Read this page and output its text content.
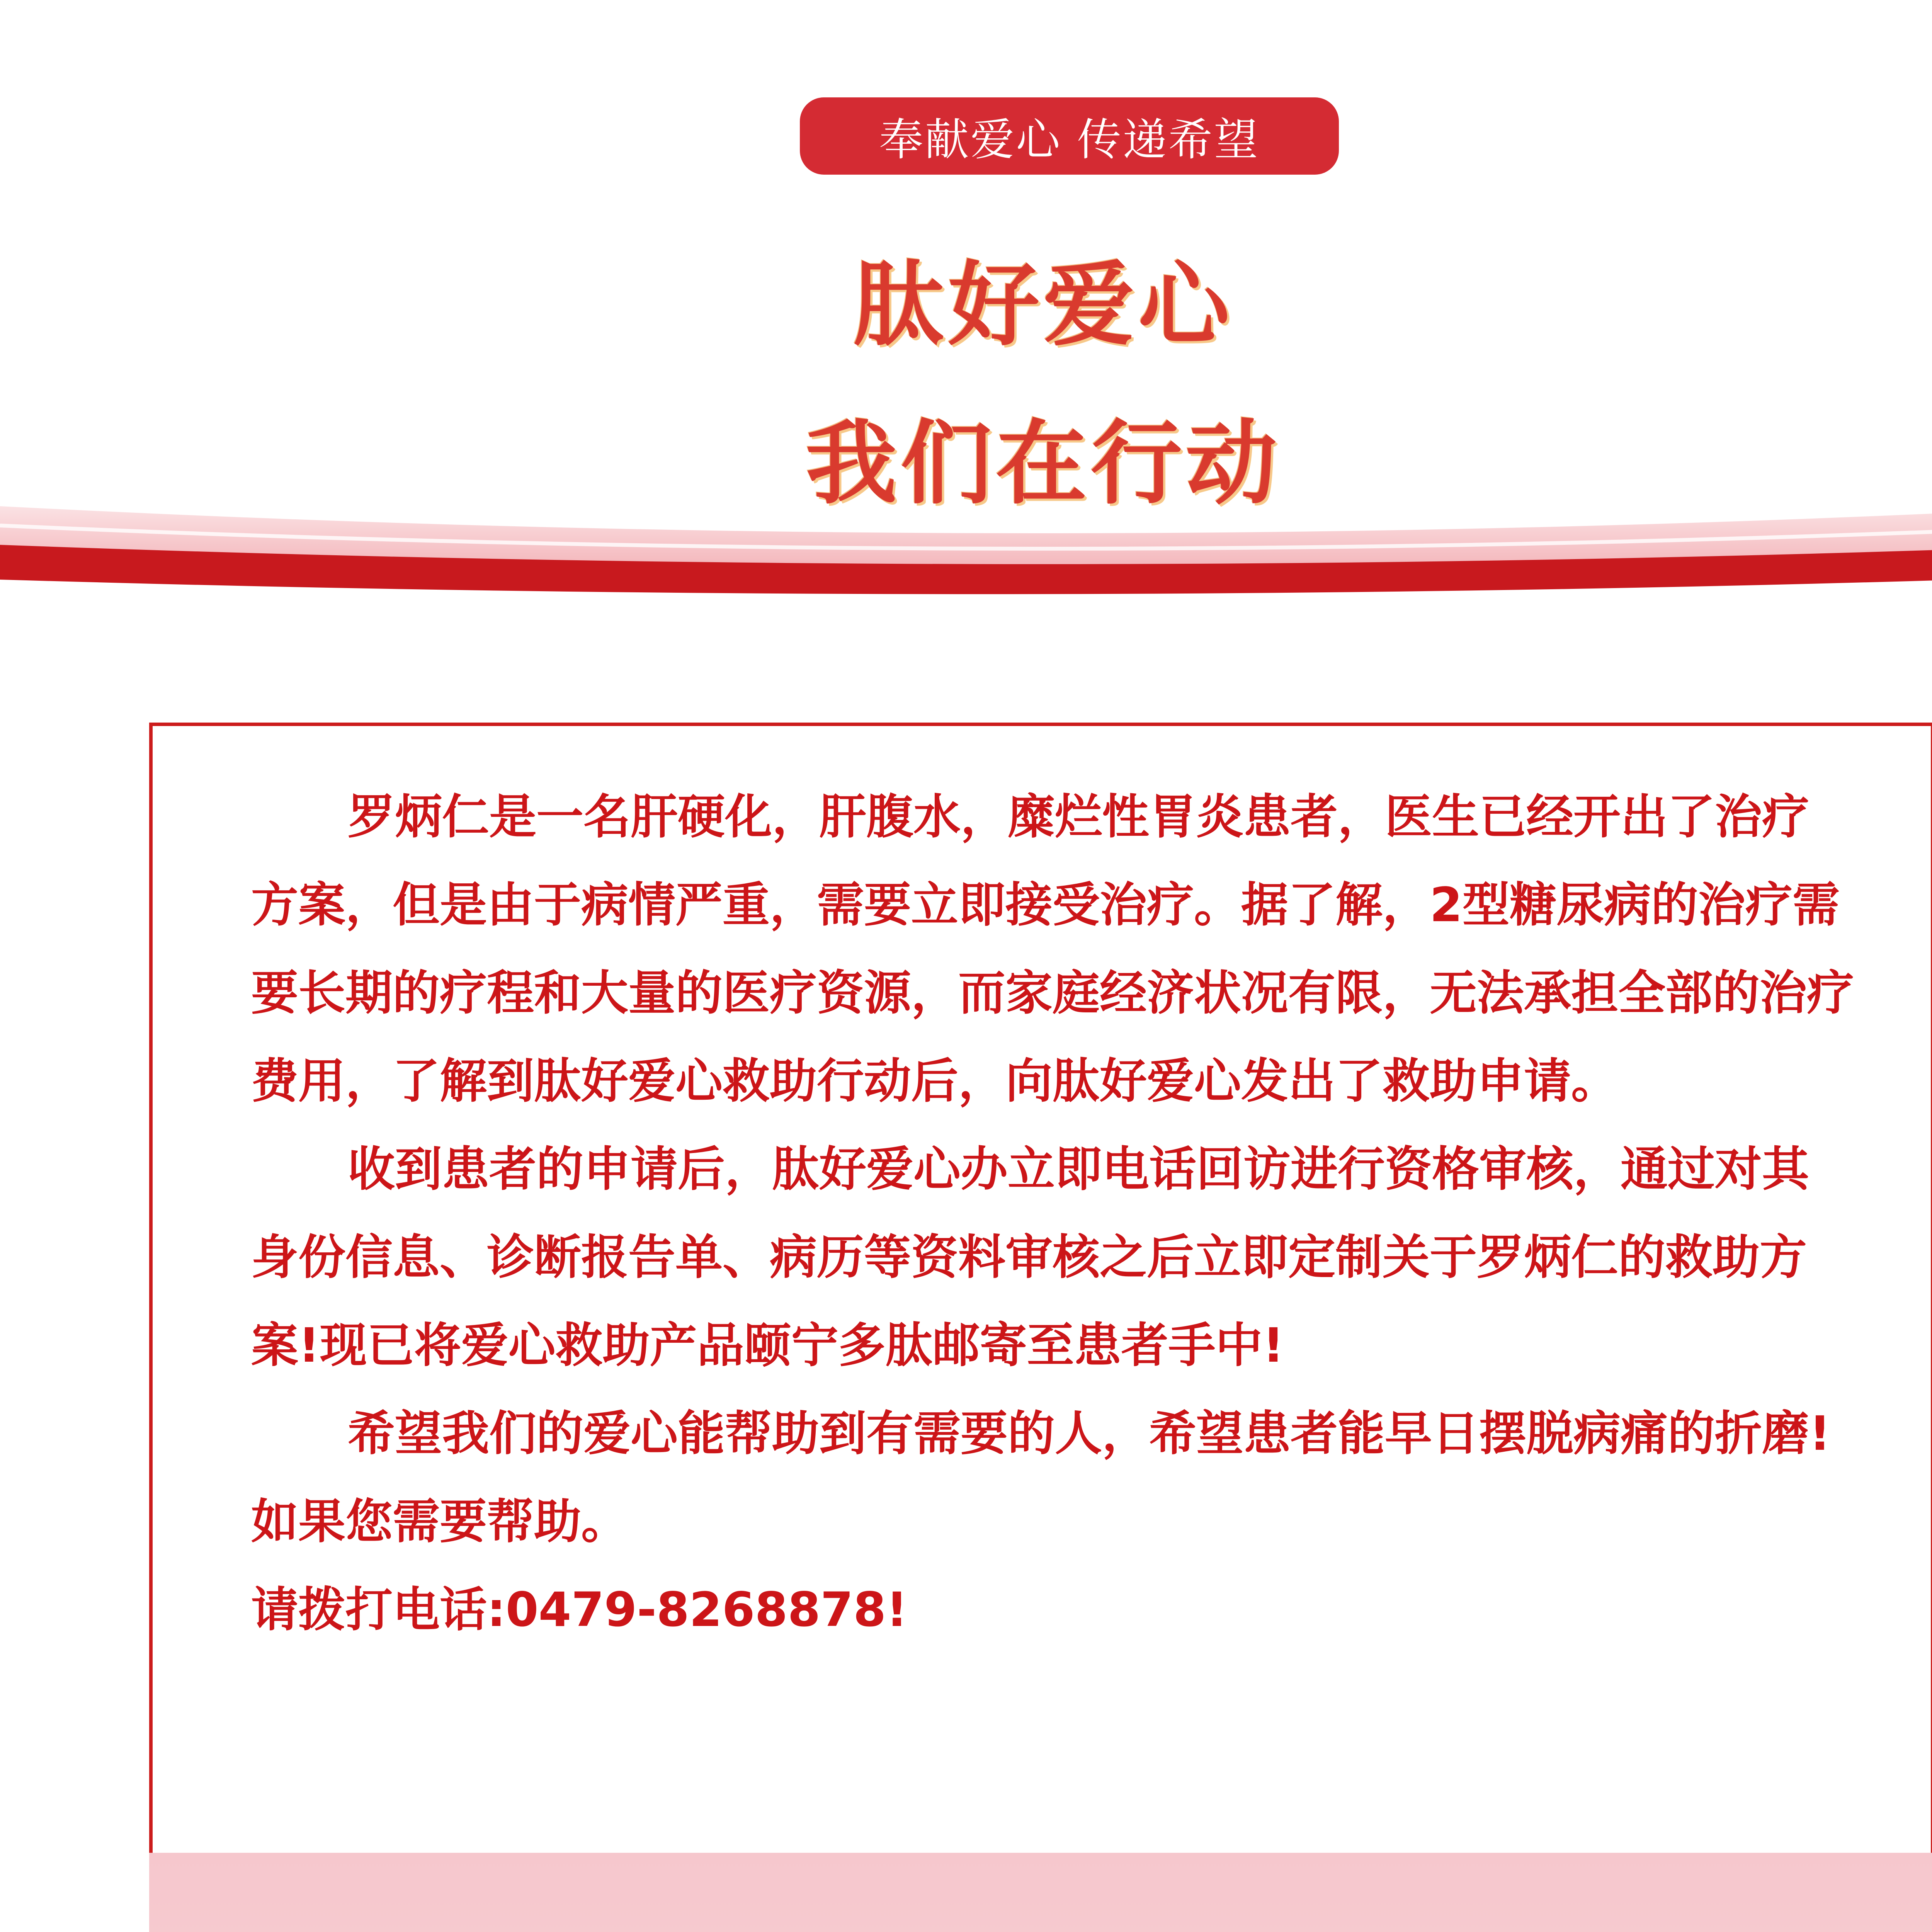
奉献爱心 传递希望
肽好爱心
我们在行动

罗炳仁是一名肝硬化，肝腹水，糜烂性胃炎患者，医生已经开出了治疗方案，但是由于病情严重，需要立即接受治疗。据了解，2型糖尿病的治疗需要长期的疗程和大量的医疗资源，而家庭经济状况有限，无法承担全部的治疗费用，了解到肽好爱心救助行动后，向肽好爱心发出了救助申请。

收到患者的申请后，肽好爱心办立即电话回访进行资格审核，通过对其身份信息、诊断报告单、病历等资料审核之后立即定制关于罗炳仁的救助方案!现已将爱心救助产品颐宁多肽邮寄至患者手中!

希望我们的爱心能帮助到有需要的人，希望患者能早日摆脱病痛的折磨!

如果您需要帮助。

请拨打电话:0479-8268878!
